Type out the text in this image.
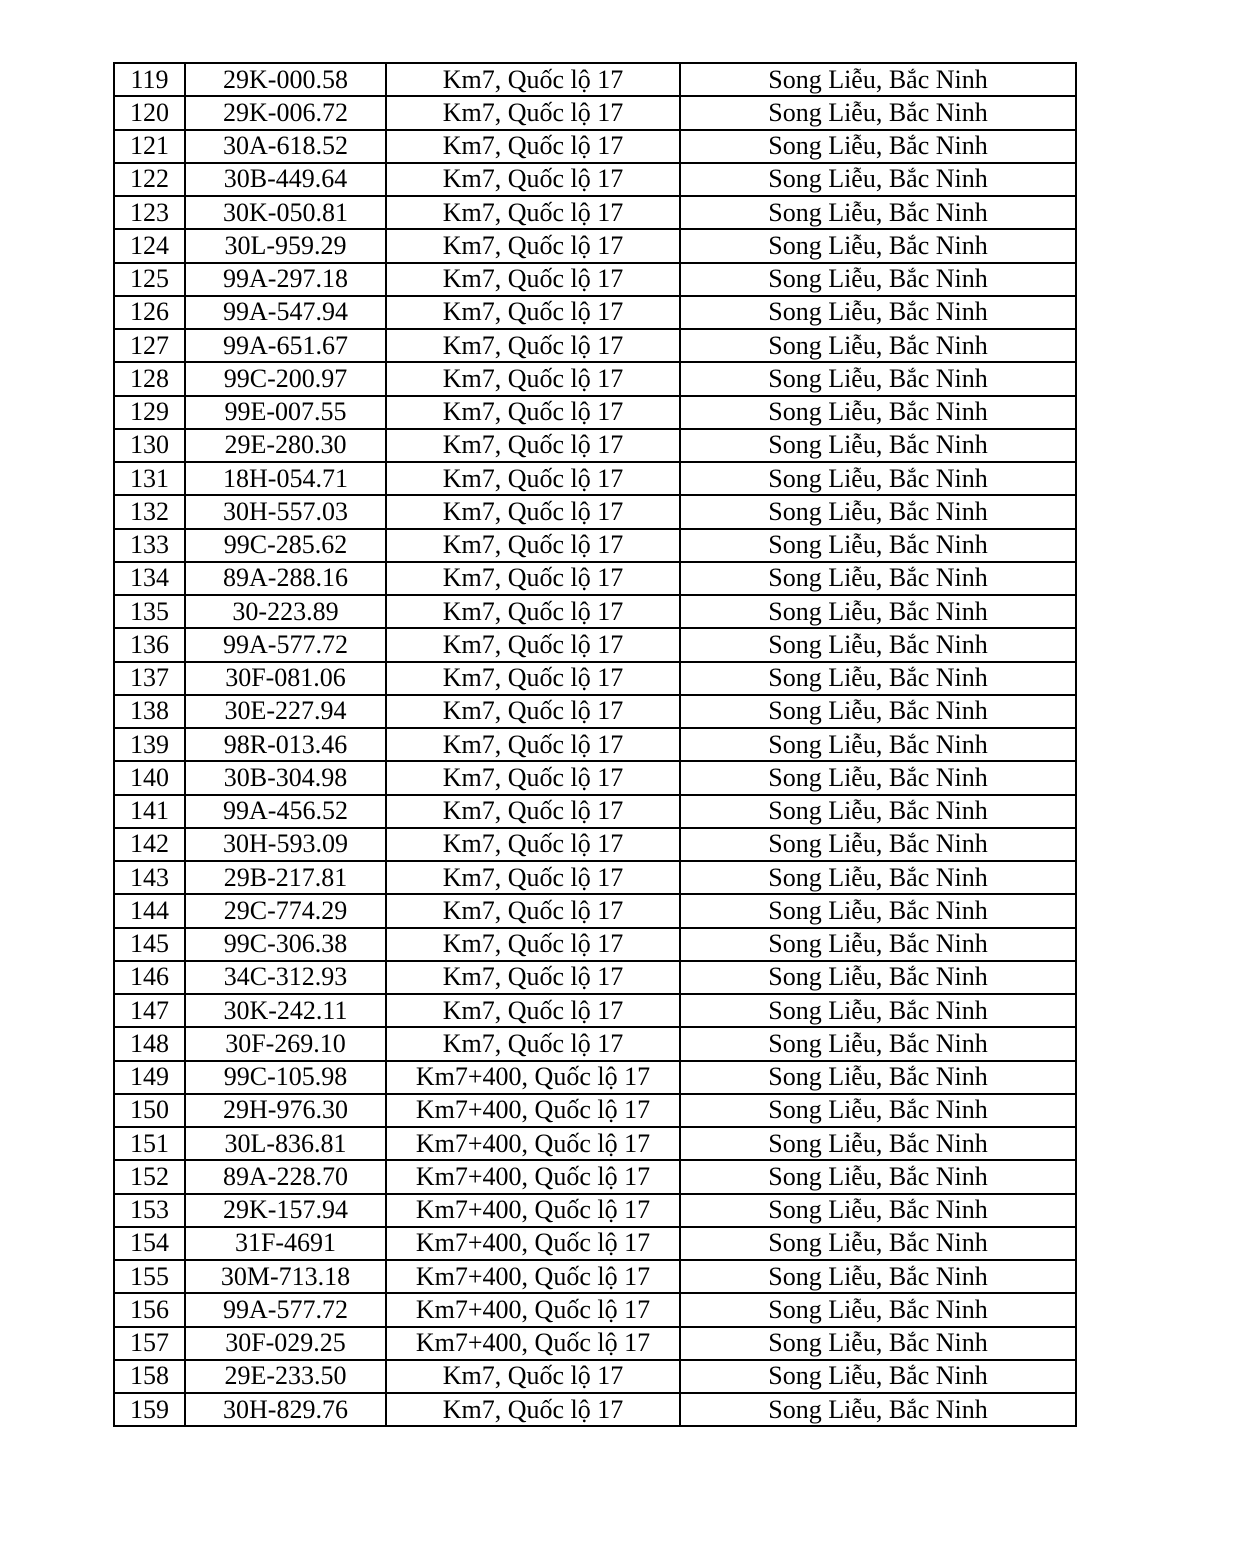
119	29K-000.58	Km7, Quốc lộ 17	Song Liễu, Bắc Ninh
120	29K-006.72	Km7, Quốc lộ 17	Song Liễu, Bắc Ninh
121	30A-618.52	Km7, Quốc lộ 17	Song Liễu, Bắc Ninh
122	30B-449.64	Km7, Quốc lộ 17	Song Liễu, Bắc Ninh
123	30K-050.81	Km7, Quốc lộ 17	Song Liễu, Bắc Ninh
124	30L-959.29	Km7, Quốc lộ 17	Song Liễu, Bắc Ninh
125	99A-297.18	Km7, Quốc lộ 17	Song Liễu, Bắc Ninh
126	99A-547.94	Km7, Quốc lộ 17	Song Liễu, Bắc Ninh
127	99A-651.67	Km7, Quốc lộ 17	Song Liễu, Bắc Ninh
128	99C-200.97	Km7, Quốc lộ 17	Song Liễu, Bắc Ninh
129	99E-007.55	Km7, Quốc lộ 17	Song Liễu, Bắc Ninh
130	29E-280.30	Km7, Quốc lộ 17	Song Liễu, Bắc Ninh
131	18H-054.71	Km7, Quốc lộ 17	Song Liễu, Bắc Ninh
132	30H-557.03	Km7, Quốc lộ 17	Song Liễu, Bắc Ninh
133	99C-285.62	Km7, Quốc lộ 17	Song Liễu, Bắc Ninh
134	89A-288.16	Km7, Quốc lộ 17	Song Liễu, Bắc Ninh
135	30-223.89	Km7, Quốc lộ 17	Song Liễu, Bắc Ninh
136	99A-577.72	Km7, Quốc lộ 17	Song Liễu, Bắc Ninh
137	30F-081.06	Km7, Quốc lộ 17	Song Liễu, Bắc Ninh
138	30E-227.94	Km7, Quốc lộ 17	Song Liễu, Bắc Ninh
139	98R-013.46	Km7, Quốc lộ 17	Song Liễu, Bắc Ninh
140	30B-304.98	Km7, Quốc lộ 17	Song Liễu, Bắc Ninh
141	99A-456.52	Km7, Quốc lộ 17	Song Liễu, Bắc Ninh
142	30H-593.09	Km7, Quốc lộ 17	Song Liễu, Bắc Ninh
143	29B-217.81	Km7, Quốc lộ 17	Song Liễu, Bắc Ninh
144	29C-774.29	Km7, Quốc lộ 17	Song Liễu, Bắc Ninh
145	99C-306.38	Km7, Quốc lộ 17	Song Liễu, Bắc Ninh
146	34C-312.93	Km7, Quốc lộ 17	Song Liễu, Bắc Ninh
147	30K-242.11	Km7, Quốc lộ 17	Song Liễu, Bắc Ninh
148	30F-269.10	Km7, Quốc lộ 17	Song Liễu, Bắc Ninh
149	99C-105.98	Km7+400, Quốc lộ 17	Song Liễu, Bắc Ninh
150	29H-976.30	Km7+400, Quốc lộ 17	Song Liễu, Bắc Ninh
151	30L-836.81	Km7+400, Quốc lộ 17	Song Liễu, Bắc Ninh
152	89A-228.70	Km7+400, Quốc lộ 17	Song Liễu, Bắc Ninh
153	29K-157.94	Km7+400, Quốc lộ 17	Song Liễu, Bắc Ninh
154	31F-4691	Km7+400, Quốc lộ 17	Song Liễu, Bắc Ninh
155	30M-713.18	Km7+400, Quốc lộ 17	Song Liễu, Bắc Ninh
156	99A-577.72	Km7+400, Quốc lộ 17	Song Liễu, Bắc Ninh
157	30F-029.25	Km7+400, Quốc lộ 17	Song Liễu, Bắc Ninh
158	29E-233.50	Km7, Quốc lộ 17	Song Liễu, Bắc Ninh
159	30H-829.76	Km7, Quốc lộ 17	Song Liễu, Bắc Ninh
